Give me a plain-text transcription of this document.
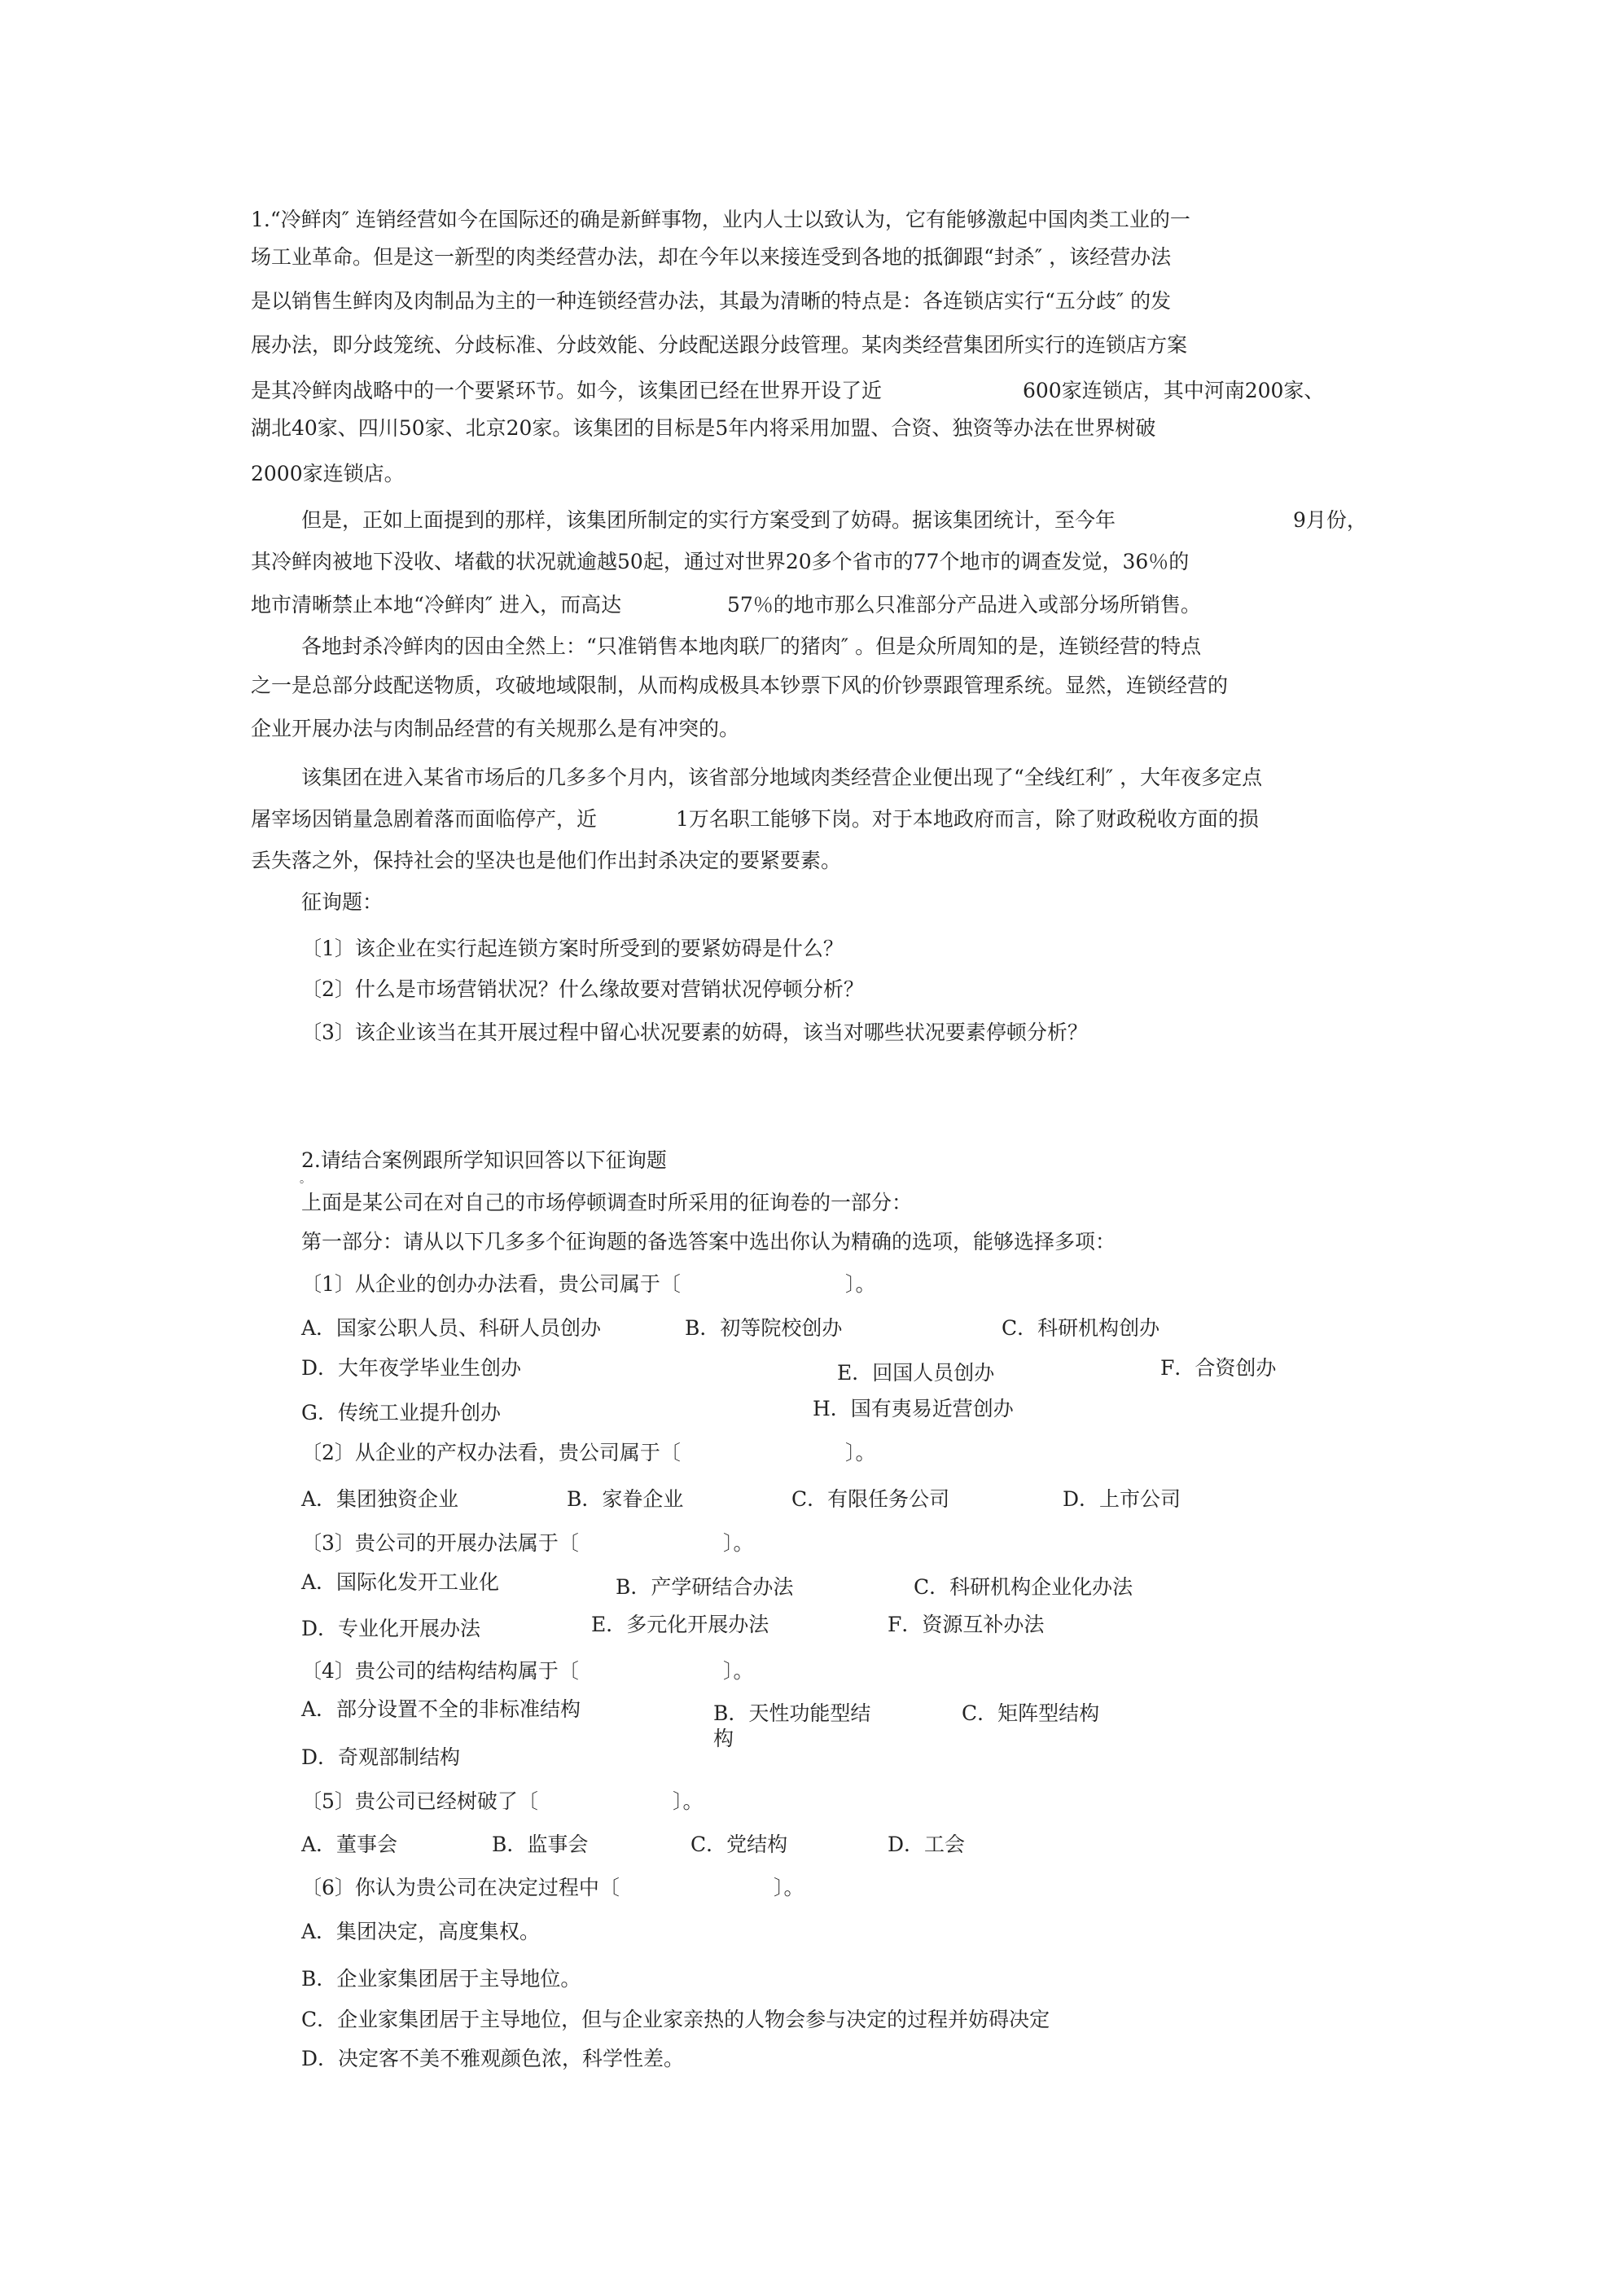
1.“冷鲜肉″ 连销经营如今在国际还的确是新鲜事物，业内人士以致认为，它有能够激起中国肉类工业的一
场工业革命。但是这一新型的肉类经营办法，却在今年以来接连受到各地的抵御跟“封杀″ ，该经营办法
是以销售生鲜肉及肉制品为主的一种连锁经营办法，其最为清晰的特点是：各连锁店实行“五分歧″ 的发
展办法，即分歧笼统、分歧标准、分歧效能、分歧配送跟分歧管理。某肉类经营集团所实行的连锁店方案
是其冷鲜肉战略中的一个要紧环节。如今，该集团已经在世界开设了近	600家连锁店，其中河南200家、
湖北40家、四川50家、北京20家。该集团的目标是5年内将采用加盟、合资、独资等办法在世界树破
2000家连锁店。
但是，正如上面提到的那样，该集团所制定的实行方案受到了妨碍。据该集团统计，至今年	9月份，
其冷鲜肉被地下没收、堵截的状况就逾越50起，通过对世界20多个省市的77个地市的调查发觉，36％的
地市清晰禁止本地“冷鲜肉″ 进入，而高达	57％的地市那么只准部分产品进入或部分场所销售。
各地封杀冷鲜肉的因由全然上：“只准销售本地肉联厂的猪肉″ 。但是众所周知的是，连锁经营的特点
之一是总部分歧配送物质，攻破地域限制，从而构成极具本钞票下风的价钞票跟管理系统。显然，连锁经营的
企业开展办法与肉制品经营的有关规那么是有冲突的。
该集团在进入某省市场后的几多多个月内，该省部分地域肉类经营企业便出现了“全线红利″ ，大年夜多定点
屠宰场因销量急剧着落而面临停产，近	1万名职工能够下岗。对于本地政府而言，除了财政税收方面的损
丢失落之外，保持社会的坚决也是他们作出封杀决定的要紧要素。
征询题：
〔1〕该企业在实行起连锁方案时所受到的要紧妨碍是什么？
〔2〕什么是市场营销状况？什么缘故要对营销状况停顿分析？
〔3〕该企业该当在其开展过程中留心状况要素的妨碍，该当对哪些状况要素停顿分析？
2.请结合案例跟所学知识回答以下征询题
。
上面是某公司在对自己的市场停顿调查时所采用的征询卷的一部分：
第一部分：请从以下几多多个征询题的备选答案中选出你认为精确的选项，能够选择多项：
〔1〕从企业的创办办法看，贵公司属于〔	〕。
A．国家公职人员、科研人员创办	B．初等院校创办	C．科研机构创办
D．大年夜学毕业生创办	E．回国人员创办	F．合资创办
G．传统工业提升创办	H．国有夷易近营创办
〔2〕从企业的产权办法看，贵公司属于〔	〕。
A．集团独资企业	B．家眷企业	C．有限任务公司	D．上市公司
〔3〕贵公司的开展办法属于〔	〕。
A．国际化发开工业化	B．产学研结合办法	C．科研机构企业化办法
D．专业化开展办法	E．多元化开展办法	F．资源互补办法
〔4〕贵公司的结构结构属于〔	〕。
A．部分设置不全的非标准结构	B．天性功能型结
构
C．矩阵型结构
D．奇观部制结构
〔5〕贵公司已经树破了〔	〕。
A．董事会	B．监事会	C．党结构	D．工会
〔6〕你认为贵公司在决定过程中〔	〕。
A．集团决定，高度集权。
B．企业家集团居于主导地位。
C．企业家集团居于主导地位，但与企业家亲热的人物会参与决定的过程并妨碍决定
D．决定客不美不雅观颜色浓，科学性差。
